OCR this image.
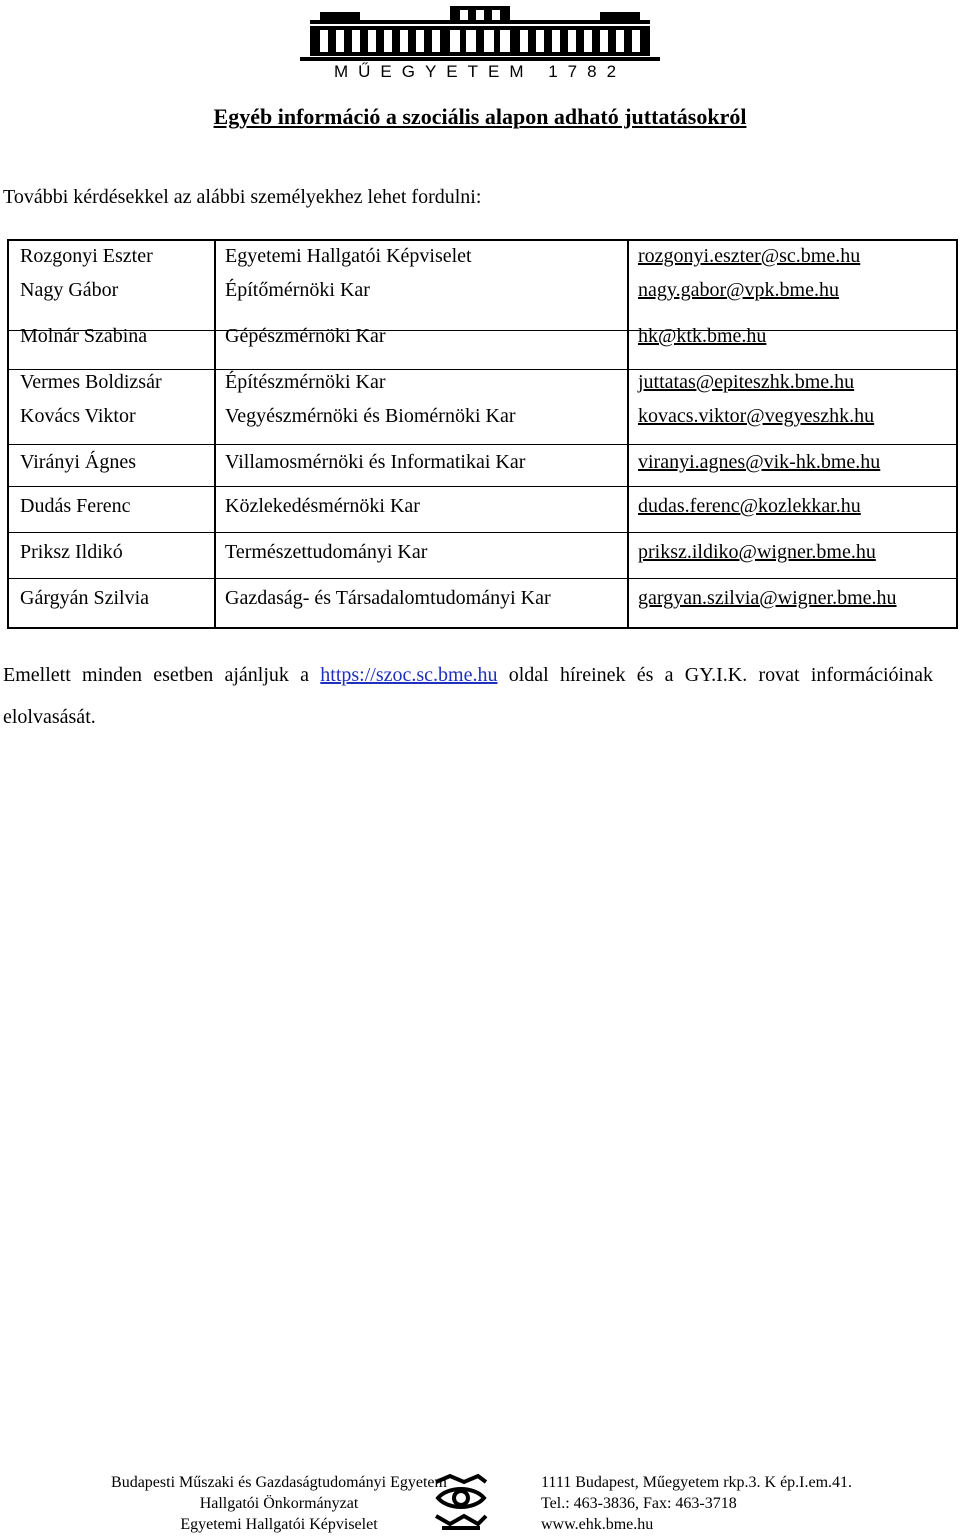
MŰEGYETEM 1782
Egyéb információ a szociális alapon adható juttatásokról
További kérdésekkel az alábbi személyekhez lehet fordulni:
Rozgonyi Eszter	Egyetemi Hallgatói Képviselet	rozgonyi.eszter@sc.bme.hu
Nagy Gábor	Építőmérnöki Kar	nagy.gabor@vpk.bme.hu
Molnár Szabina	Gépészmérnöki Kar	hk@ktk.bme.hu
Vermes Boldizsár	Építészmérnöki Kar	juttatas@epiteszhk.bme.hu
Kovács Viktor	Vegyészmérnöki és Biomérnöki Kar	kovacs.viktor@vegyeszhk.hu
Virányi Ágnes	Villamosmérnöki és Informatikai Kar	viranyi.agnes@vik-hk.bme.hu
Dudás Ferenc	Közlekedésmérnöki Kar	dudas.ferenc@kozlekkar.hu
Priksz Ildikó	Természettudományi Kar	priksz.ildiko@wigner.bme.hu
Gárgyán Szilvia	Gazdaság- és Társadalomtudományi Kar	gargyan.szilvia@wigner.bme.hu
Emellett minden esetben ajánljuk a https://szoc.sc.bme.hu oldal híreinek és a GY.I.K. rovat információinak elolvasását.
Budapesti Műszaki és Gazdaságtudományi Egyetem
Hallgatói Önkormányzat
Egyetemi Hallgatói Képviselet
1111 Budapest, Műegyetem rkp.3. K ép.I.em.41.
Tel.: 463-3836, Fax: 463-3718
www.ehk.bme.hu
